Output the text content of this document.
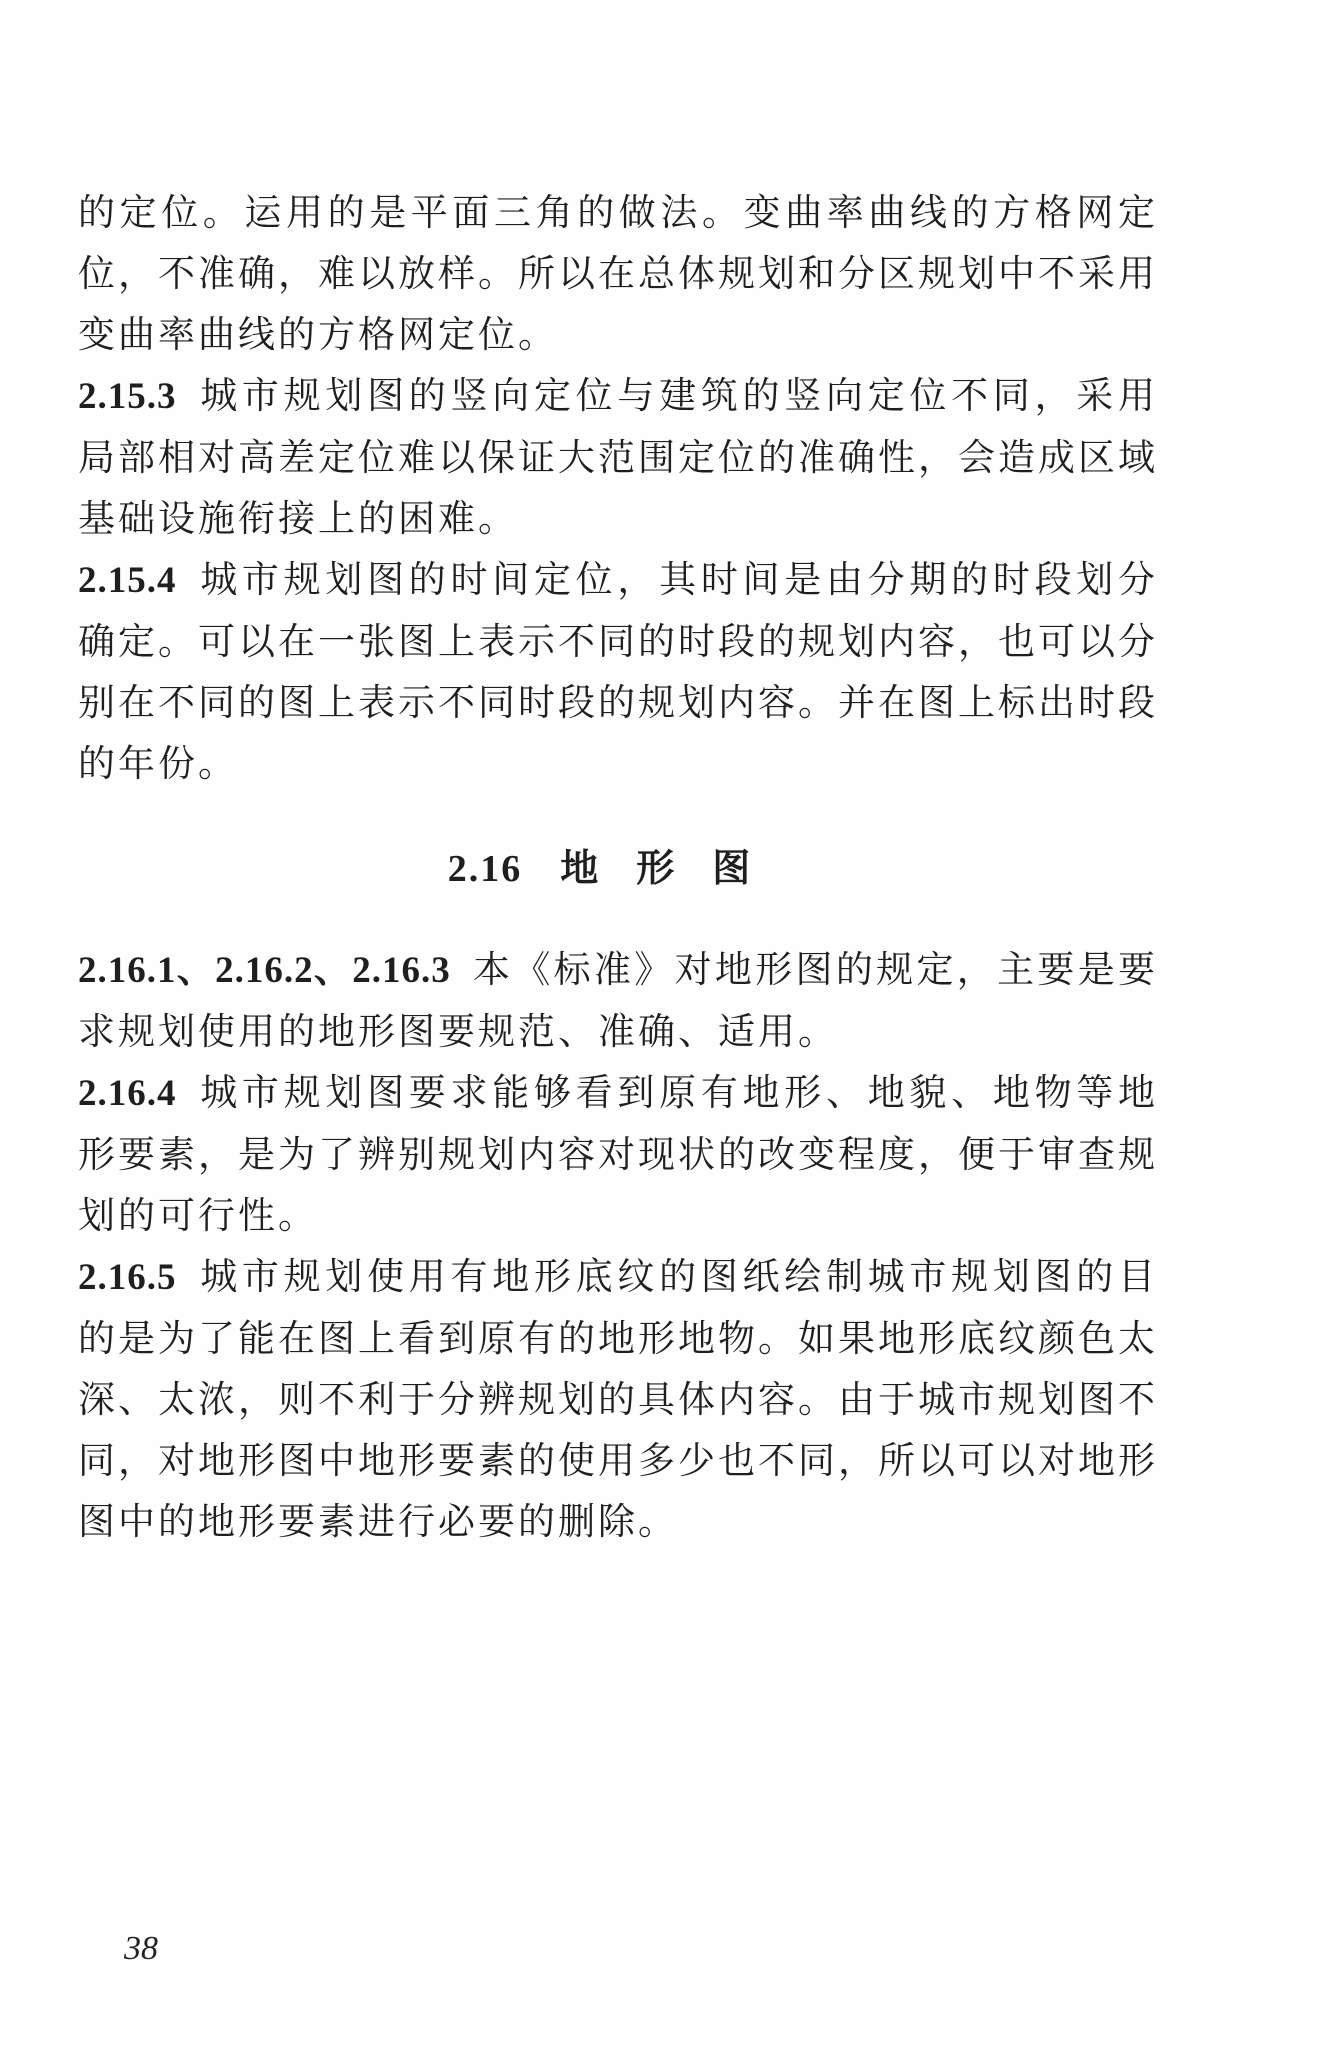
的定位。运用的是平面三角的做法。变曲率曲线的方格网定位，不准确，难以放样。所以在总体规划和分区规划中不采用变曲率曲线的方格网定位。

2.15.3 城市规划图的竖向定位与建筑的竖向定位不同，采用局部相对高差定位难以保证大范围定位的准确性，会造成区域基础设施衔接上的困难。

2.15.4 城市规划图的时间定位，其时间是由分期的时段划分确定。可以在一张图上表示不同的时段的规划内容，也可以分别在不同的图上表示不同时段的规划内容。并在图上标出时段的年份。

2.16 地形图

2.16.1、2.16.2、2.16.3 本《标准》对地形图的规定，主要是要求规划使用的地形图要规范、准确、适用。

2.16.4 城市规划图要求能够看到原有地形、地貌、地物等地形要素，是为了辨别规划内容对现状的改变程度，便于审查规划的可行性。

2.16.5 城市规划使用有地形底纹的图纸绘制城市规划图的目的是为了能在图上看到原有的地形地物。如果地形底纹颜色太深、太浓，则不利于分辨规划的具体内容。由于城市规划图不同，对地形图中地形要素的使用多少也不同，所以可以对地形图中的地形要素进行必要的删除。

38
